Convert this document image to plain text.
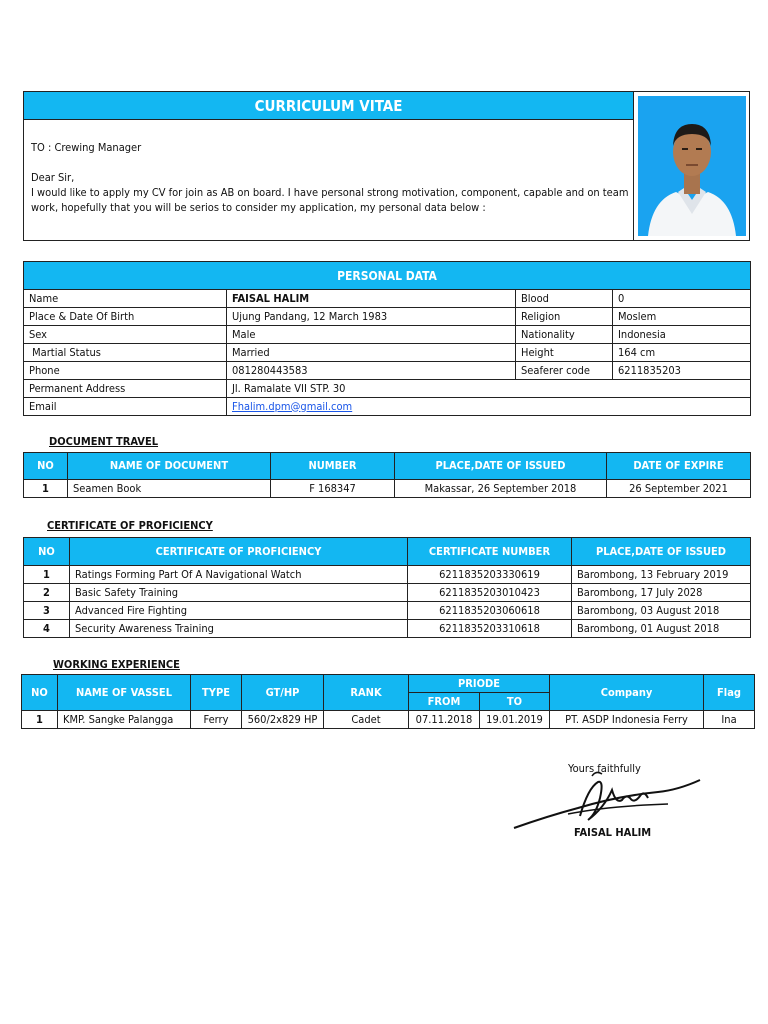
CURRICULUM VITAE

TO : Crewing Manager

Dear Sir,

I would like to apply my CV for join as AB on board. I have personal strong motivation, component, capable and on team work, hopefully that you will be serios to consider my application, my personal data below :

PERSONAL DATA			
Name	FAISAL HALIM	Blood	0
Place & Date Of Birth	Ujung Pandang, 12 March 1983	Religion	Moslem
Sex	Male	Nationality	Indonesia
Martial Status	Married	Height	164 cm
Phone	081280443583	Seaferer code	6211835203
Permanent Address	Jl. Ramalate VII STP. 30		
Email	Fhalim.dpm@gmail.com		
DOCUMENT TRAVEL
NO	NAME OF DOCUMENT	NUMBER	PLACE,DATE OF ISSUED	DATE OF EXPIRE
1	Seamen Book	F 168347	Makassar, 26 September 2018	26 September 2021
CERTIFICATE OF PROFICIENCY
NO	CERTIFICATE OF PROFICIENCY	CERTIFICATE NUMBER	PLACE,DATE OF ISSUED
1	Ratings Forming Part Of A Navigational Watch	6211835203330619	Barombong, 13 February 2019
2	Basic Safety Training	6211835203010423	Barombong, 17 July 2028
3	Advanced Fire Fighting	6211835203060618	Barombong, 03 August 2018
4	Security Awareness Training	6211835203310618	Barombong, 01 August 2018
WORKING EXPERIENCE
NO	NAME OF VASSEL	TYPE	GT/HP	RANK	PRIODE		Company	Flag
					FROM	TO		
1	KMP. Sangke Palangga	Ferry	560/2x829 HP	Cadet	07.11.2018	19.01.2019	PT. ASDP Indonesia Ferry	Ina
Yours faithfully
FAISAL HALIM
